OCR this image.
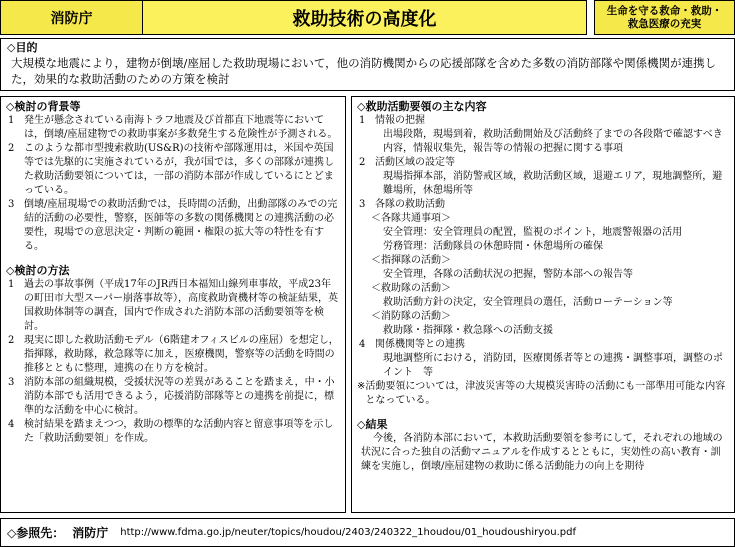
消防庁	救助技術の高度化	生命を守る救命・救助・
救急医療の充実
◇目的
大規模な地震により，建物が倒壊/座屈した救助現場において，他の消防機関からの応援部隊を含めた多数の消防部隊や関係機関が連携した，効果的な救助活動のための方策を検討
◇検討の背景等
1 発生が懸念されている南海トラフ地震及び首都直下地震等においては，倒壊/座屈建物での救助事案が多数発生する危険性が予測される。
2 このような都市型捜索救助(US&R)の技術や部隊運用は，米国や英国等では先駆的に実施されているが，我が国では，多くの部隊が連携した救助活動要領については，一部の消防本部が作成しているにとどまっている。
3 倒壊/座屈現場での救助活動では，長時間の活動，出動部隊のみでの完結的活動の必要性，警察，医師等の多数の関係機関との連携活動の必要性，現場での意思決定・判断の範囲・権限の拡大等の特性を有する。
◇検討の方法
1 過去の事故事例（平成17年のJR西日本福知山線列車事故，平成23年の町田市大型スーパー崩落事故等），高度救助資機材等の検証結果，英国救助体制等の調査，国内で作成された消防本部の活動要領等を検討。
2 現実に即した救助活動モデル（6階建オフィスビルの座屈）を想定し，指揮隊，救助隊，救急隊等に加え，医療機関，警察等の活動を時間の推移とともに整理，連携の在り方を検討。
3 消防本部の組織規模，受援状況等の差異があることを踏まえ，中・小消防本部でも活用できるよう，応援消防部隊等との連携を前提に，標準的な活動を中心に検討。
4 検討結果を踏まえつつ，救助の標準的な活動内容と留意事項等を示した「救助活動要領」を作成。
◇救助活動要領の主な内容
1 情報の把握
出場段階，現場到着，救助活動開始及び活動終了までの各段階で確認すべき内容，情報収集先，報告等の情報の把握に関する事項
2 活動区域の設定等
現場指揮本部，消防警戒区域，救助活動区域，退避エリア，現地調整所，避難場所，休憩場所等
3 各隊の救助活動
＜各隊共通事項＞
安全管理：安全管理員の配置，監視のポイント，地震警報器の活用
労務管理：活動隊員の休憩時間・休憩場所の確保
＜指揮隊の活動＞
安全管理，各隊の活動状況の把握，警防本部への報告等
＜救助隊の活動＞
救助活動方針の決定，安全管理員の選任，活動ローテーション等
＜消防隊の活動＞
救助隊・指揮隊・救急隊への活動支援
4 関係機関等との連携
現地調整所における，消防団，医療関係者等との連携・調整事項，調整のポイント　等
※ 活動要領については，津波災害等の大規模災害時の活動にも一部準用可能な内容となっている。
◇結果
今後，各消防本部において，本救助活動要領を参考にして，それぞれの地域の状況に合った独自の活動マニュアルを作成するとともに，実効性の高い教育・訓練を実施し，倒壊/座屈建物の救助に係る活動能力の向上を期待
◇参照先： 消防庁 http://www.fdma.go.jp/neuter/topics/houdou/2403/240322_1houdou/01_houdoushiryou.pdf
